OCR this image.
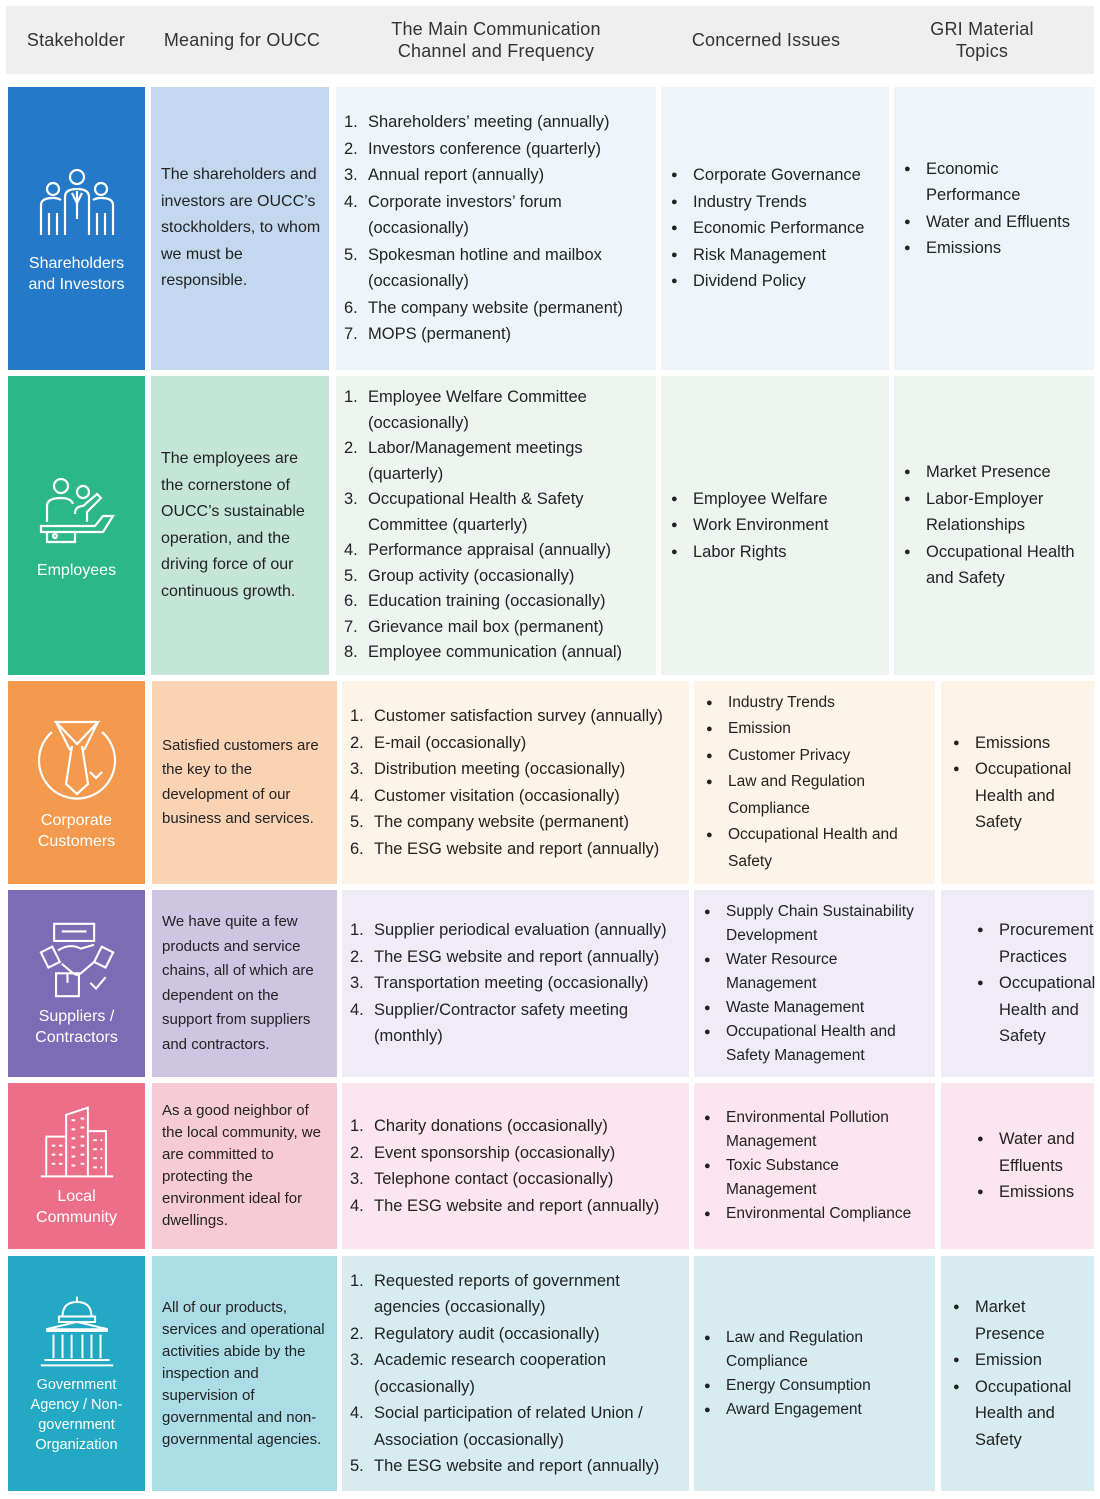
Stakeholder Meaning for OUCC
The Main Communication
Channel and Frequency
Concerned Issues
GRI Material
Topics
Shareholders
and Investors
The shareholders and investors are OUCC’s stockholders, to whom we must be responsible.
1. Shareholders’ meeting (annually)
2. Investors conference (quarterly)
3. Annual report (annually)
4. Corporate investors’ forum (occasionally)
5. Spokesman hotline and mailbox (occasionally)
6. The company website (permanent)
7. MOPS (permanent)
● Corporate Governance
● Industry Trends
● Economic Performance
● Risk Management
● Dividend Policy
● Economic Performance
● Water and Effluents
● Emissions
Employees
The employees are the cornerstone of OUCC’s sustainable operation, and the driving force of our continuous growth.
1. Employee Welfare Committee (occasionally)
2. Labor/Management meetings (quarterly)
3. Occupational Health & Safety Committee (quarterly)
4. Performance appraisal (annually)
5. Group activity (occasionally)
6. Education training (occasionally)
7. Grievance mail box (permanent)
8. Employee communication (annual)
● Employee Welfare
● Work Environment
● Labor Rights
● Market Presence
● Labor-Employer Relationships
● Occupational Health and Safety
Corporate
Customers
Satisfied customers are the key to the development of our business and services.
1. Customer satisfaction survey (annually)
2. E-mail (occasionally)
3. Distribution meeting (occasionally)
4. Customer visitation (occasionally)
5. The company website (permanent)
6. The ESG website and report (annually)
● Industry Trends
● Emission
● Customer Privacy
● Law and Regulation Compliance
● Occupational Health and Safety
● Emissions
● Occupational Health and Safety
Suppliers /
Contractors
We have quite a few products and service chains, all of which are dependent on the support from suppliers and contractors.
1. Supplier periodical evaluation (annually)
2. The ESG website and report (annually)
3. Transportation meeting (occasionally)
4. Supplier/Contractor safety meeting (monthly)
● Supply Chain Sustainability Development
● Water Resource Management
● Waste Management
● Occupational Health and Safety Management
● Procurement Practices
● Occupational Health and Safety
Local
Community
As a good neighbor of the local community, we are committed to protecting the environment ideal for dwellings.
1. Charity donations (occasionally)
2. Event sponsorship (occasionally)
3. Telephone contact (occasionally)
4. The ESG website and report (annually)
● Environmental Pollution Management
● Toxic Substance Management
● Environmental Compliance
● Water and Effluents
● Emissions
Government Agency / Non-government Organization
All of our products, services and operational activities abide by the inspection and supervision of governmental and non-governmental agencies.
1. Requested reports of government agencies (occasionally)
2. Regulatory audit (occasionally)
3. Academic research cooperation (occasionally)
4. Social participation of related Union / Association (occasionally)
5. The ESG website and report (annually)
● Law and Regulation Compliance
● Energy Consumption
● Award Engagement
● Market Presence
● Emission
● Occupational Health and Safety
